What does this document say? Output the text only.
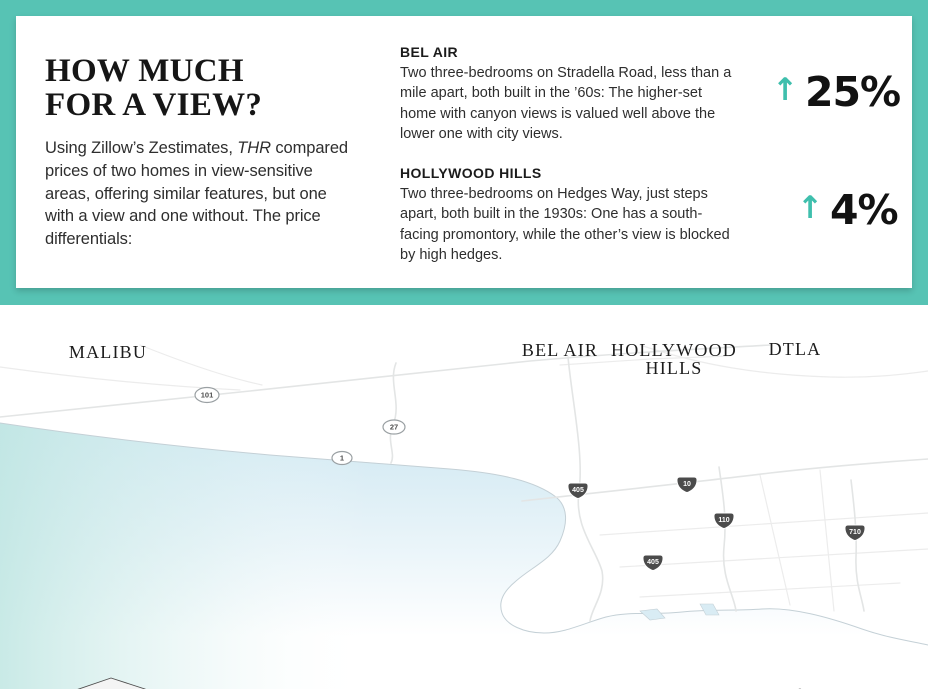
HOW MUCH
FOR A VIEW?
Using Zillow’s Zestimates, THR compared prices of two homes in view-sensitive areas, offering similar features, but one with a view and one without. The price differentials:
BEL AIR
Two three-bedrooms on Stradella Road, less than a mile apart, both built in the ’60s: The higher-set home with canyon views is valued well above the lower one with city views.
HOLLYWOOD HILLS
Two three-bedrooms on Hedges Way, just steps apart, both built in the 1930s: One has a south-facing promontory, while the other’s view is blocked by high hedges.
↑ 25%
↑ 4%
101
27
1
405
10
110
405
710
MALIBU	BEL AIR HOLLYWOOD
HILLS
DTLA
